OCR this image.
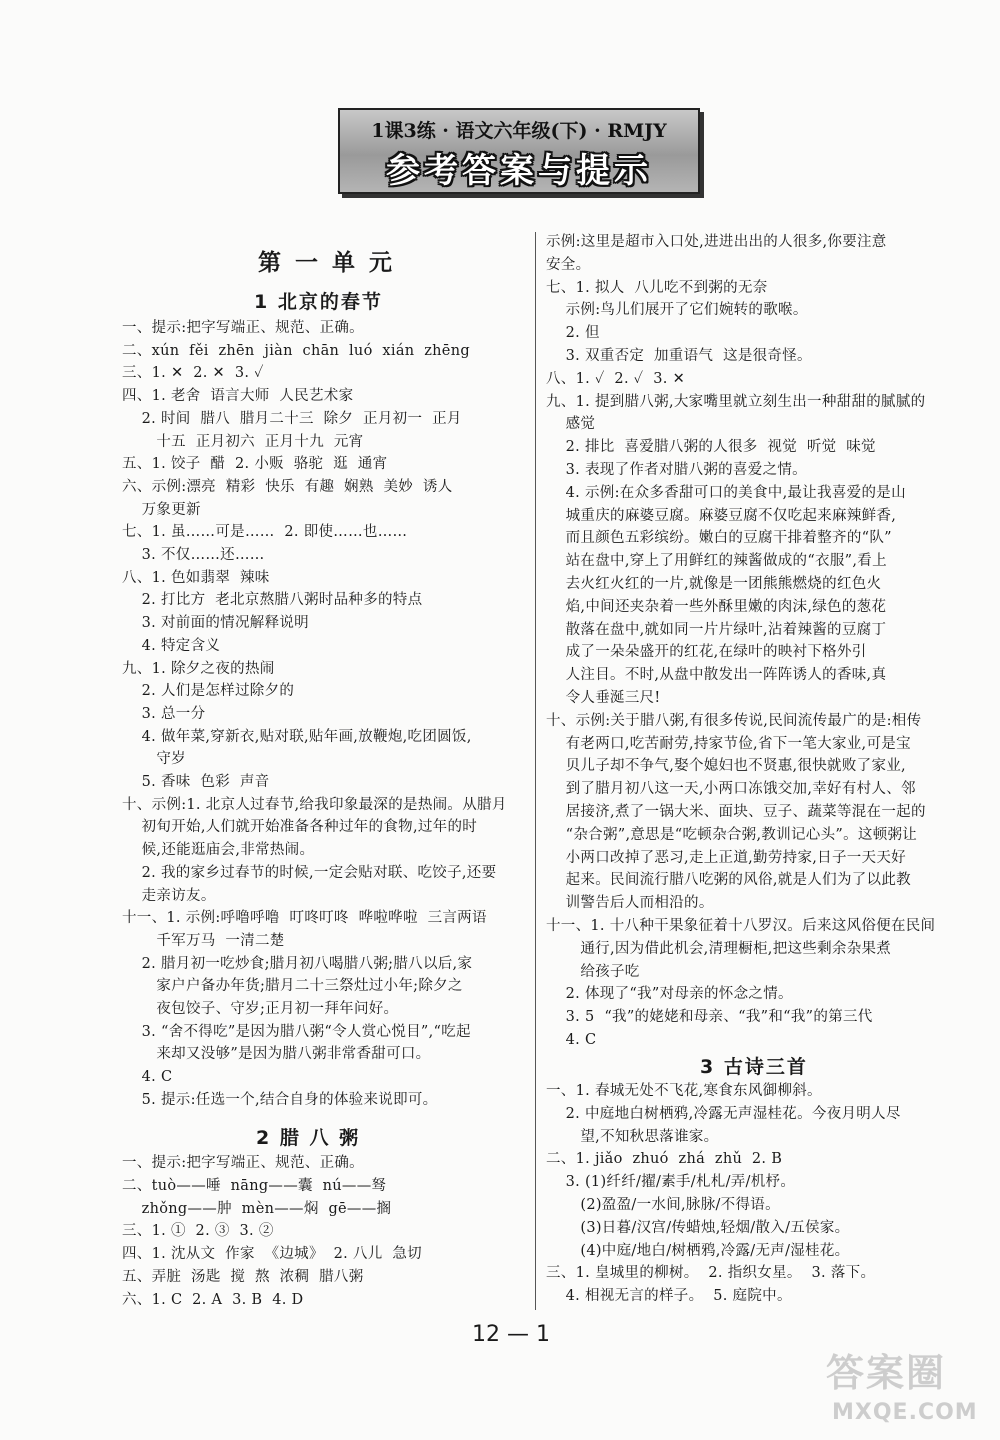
1课3练 · 语文六年级(下) · RMJY
参考答案与提示
第 一 单 元
1 北京的春节
2 腊 八 粥
一、提示:把字写端正、规范、正确。
二、xún  fěi  zhēn  jiàn  chān  luó  xián  zhēng
三、1. ✕  2. ✕  3. ✓
四、1. 老舍  语言大师  人民艺术家
2. 时间  腊八  腊月二十三  除夕  正月初一  正月
十五  正月初六  正月十九  元宵
五、1. 饺子  醋  2. 小贩  骆驼  逛  通宵
六、示例:漂亮  精彩  快乐  有趣  娴熟  美妙  诱人
万象更新
七、1. 虽……可是……  2. 即使……也……
3. 不仅……还……
八、1. 色如翡翠  辣味
2. 打比方  老北京熬腊八粥时品种多的特点
3. 对前面的情况解释说明
4. 特定含义
九、1. 除夕之夜的热闹
2. 人们是怎样过除夕的
3. 总一分
4. 做年菜,穿新衣,贴对联,贴年画,放鞭炮,吃团圆饭,
守岁
5. 香味  色彩  声音
十、示例:1. 北京人过春节,给我印象最深的是热闹。从腊月
初旬开始,人们就开始准备各种过年的食物,过年的时
候,还能逛庙会,非常热闹。
2. 我的家乡过春节的时候,一定会贴对联、吃饺子,还要
走亲访友。
十一、1. 示例:呼噜呼噜  叮咚叮咚  哗啦哗啦  三言两语
千军万马  一清二楚
2. 腊月初一吃炒食;腊月初八喝腊八粥;腊八以后,家
家户户备办年货;腊月二十三祭灶过小年;除夕之
夜包饺子、守岁;正月初一拜年问好。
3. “舍不得吃”是因为腊八粥“令人赏心悦目”,“吃起
来却又没够”是因为腊八粥非常香甜可口。
4. C
5. 提示:任选一个,结合自身的体验来说即可。
一、提示:把字写端正、规范、正确。
二、tuò——唾  nāng——囊  nú——驽
zhǒng——肿  mèn——焖  gē——搁
三、1. ①  2. ③  3. ②
四、1. 沈从文  作家  《边城》  2. 八儿  急切
五、弄脏  汤匙  搅  熬  浓稠  腊八粥
六、1. C  2. A  3. B  4. D
3 古诗三首
示例:这里是超市入口处,进进出出的人很多,你要注意
安全。
七、1. 拟人  八儿吃不到粥的无奈
示例:鸟儿们展开了它们婉转的歌喉。
2. 但
3. 双重否定  加重语气  这是很奇怪。
八、1. ✓  2. ✓  3. ✕
九、1. 提到腊八粥,大家嘴里就立刻生出一种甜甜的腻腻的
感觉
2. 排比  喜爱腊八粥的人很多  视觉  听觉  味觉
3. 表现了作者对腊八粥的喜爱之情。
4. 示例:在众多香甜可口的美食中,最让我喜爱的是山
城重庆的麻婆豆腐。麻婆豆腐不仅吃起来麻辣鲜香,
而且颜色五彩缤纷。嫩白的豆腐干排着整齐的“队”
站在盘中,穿上了用鲜红的辣酱做成的“衣服”,看上
去火红火红的一片,就像是一团熊熊燃烧的红色火
焰,中间还夹杂着一些外酥里嫩的肉沫,绿色的葱花
散落在盘中,就如同一片片绿叶,沾着辣酱的豆腐丁
成了一朵朵盛开的红花,在绿叶的映衬下格外引
人注目。不时,从盘中散发出一阵阵诱人的香味,真
令人垂涎三尺!
十、示例:关于腊八粥,有很多传说,民间流传最广的是:相传
有老两口,吃苦耐劳,持家节俭,省下一笔大家业,可是宝
贝儿子却不争气,娶个媳妇也不贤惠,很快就败了家业,
到了腊月初八这一天,小两口冻饿交加,幸好有村人、邻
居接济,煮了一锅大米、面块、豆子、蔬菜等混在一起的
“杂合粥”,意思是“吃顿杂合粥,教训记心头”。这顿粥让
小两口改掉了恶习,走上正道,勤劳持家,日子一天天好
起来。民间流行腊八吃粥的风俗,就是人们为了以此教
训警告后人而相沿的。
十一、1. 十八种干果象征着十八罗汉。后来这风俗便在民间
通行,因为借此机会,清理橱柜,把这些剩余杂果煮
给孩子吃
2. 体现了“我”对母亲的怀念之情。
3. 5  “我”的姥姥和母亲、“我”和“我”的第三代
4. C
一、1. 春城无处不飞花,寒食东风御柳斜。
2. 中庭地白树栖鸦,冷露无声湿桂花。今夜月明人尽
望,不知秋思落谁家。
二、1. jiǎo  zhuó  zhá  zhǔ  2. B
3. (1)纤纤/擢/素手/札札/弄/机杼。
(2)盈盈/一水间,脉脉/不得语。
(3)日暮/汉宫/传蜡烛,轻烟/散入/五侯家。
(4)中庭/地白/树栖鸦,冷露/无声/湿桂花。
三、1. 皇城里的柳树。  2. 指织女星。  3. 落下。
4. 相视无言的样子。  5. 庭院中。
12 — 1
答案圈
MXQE.COM
